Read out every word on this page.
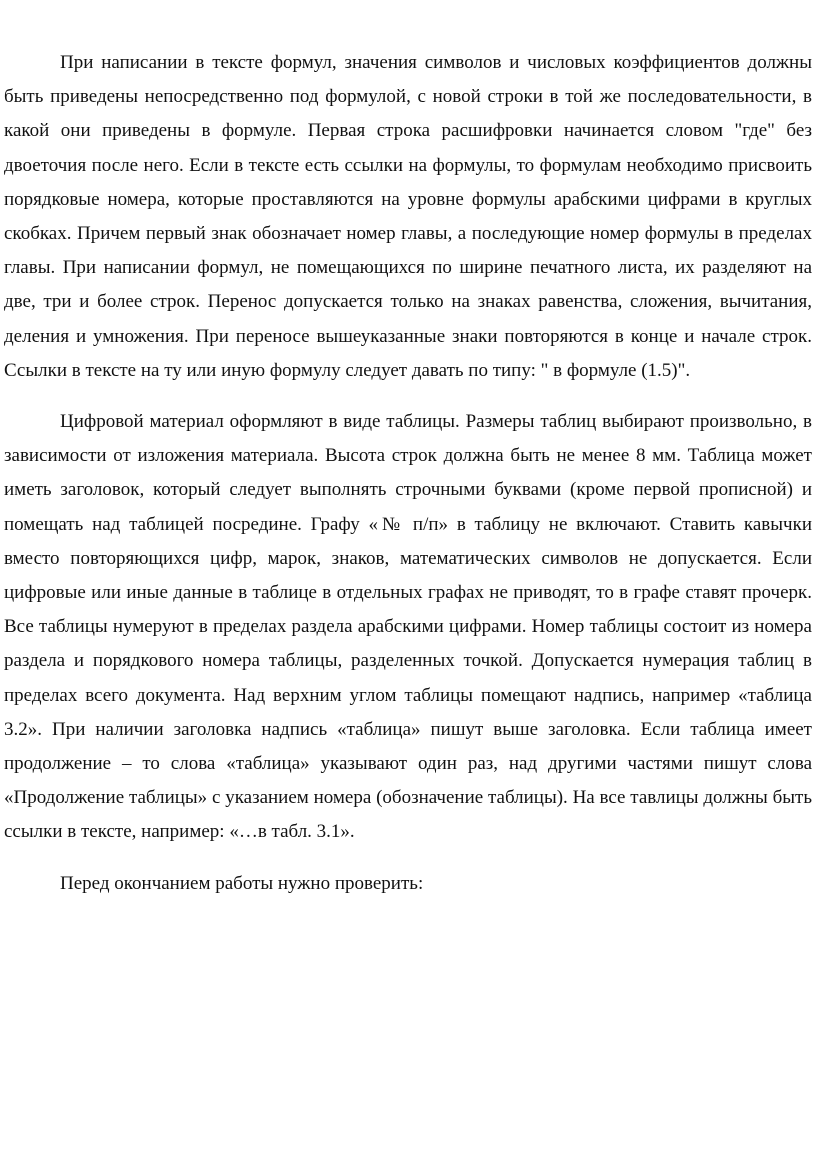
При написании в тексте формул, значения символов и числовых коэффициентов должны быть приведены непосредственно под формулой, с новой строки в той же последовательности, в какой они приведены в формуле. Первая строка расшифровки начинается словом "где" без двоеточия после него. Если в тексте есть ссылки на формулы, то формулам необходимо присвоить порядковые номера, которые проставляются на уровне формулы арабскими цифрами в круглых скобках. Причем первый знак обозначает номер главы, а последующие номер формулы в пределах главы. При написании формул, не помещающихся по ширине печатного листа, их разделяют на две, три и более строк. Перенос допускается только на знаках равенства, сложения, вычитания, деления и умножения. При переносе вышеуказанные знаки повторяются в конце и начале строк. Ссылки в тексте на ту или иную формулу следует давать по типу: " в формуле (1.5)".

Цифровой материал оформляют в виде таблицы. Размеры таблиц выбирают произвольно, в зависимости от изложения материала. Высота строк должна быть не менее 8 мм. Таблица может иметь заголовок, который следует выполнять строчными буквами (кроме первой прописной) и помещать над таблицей посредине. Графу «№ п/п» в таблицу не включают. Ставить кавычки вместо повторяющихся цифр, марок, знаков, математических символов не допускается. Если цифровые или иные данные в таблице в отдельных графах не приводят, то в графе ставят прочерк. Все таблицы нумеруют в пределах раздела арабскими цифрами. Номер таблицы состоит из номера раздела и порядкового номера таблицы, разделенных точкой. Допускается нумерация таблиц в пределах всего документа. Над верхним углом таблицы помещают надпись, например «таблица 3.2». При наличии заголовка надпись «таблица» пишут выше заголовка. Если таблица имеет продолжение – то слова «таблица» указывают один раз, над другими частями пишут слова «Продолжение таблицы» с указанием номера (обозначение таблицы). На все тавлицы должны быть ссылки в тексте, например: «…в табл. 3.1».

Перед окончанием работы нужно проверить:
